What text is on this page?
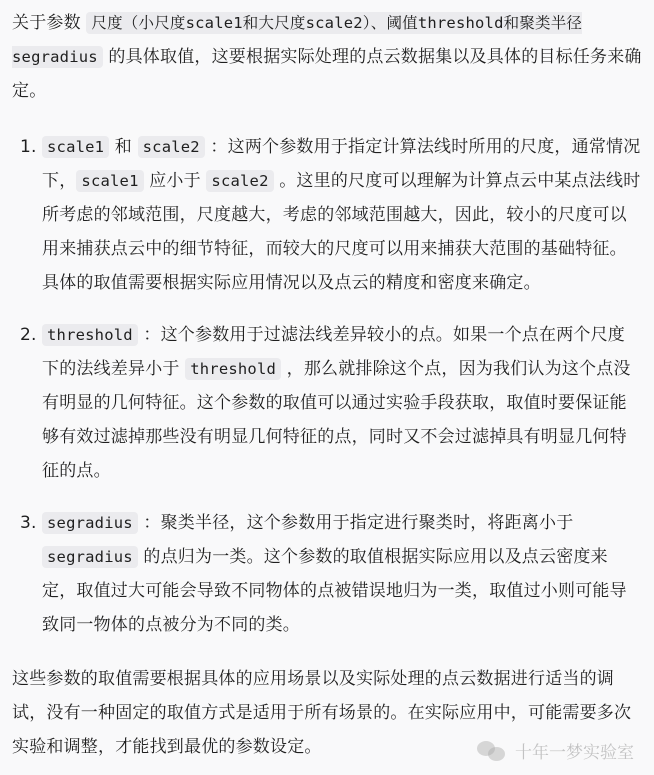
关于参数 尺度（小尺度scale1和大尺度scale2）、阈值threshold和聚类半径segradius 的具体取值，这要根据实际处理的点云数据集以及具体的目标任务来确定。

1. scale1 和 scale2 ：这两个参数用于指定计算法线时所用的尺度，通常情况下， scale1 应小于 scale2 。这里的尺度可以理解为计算点云中某点法线时所考虑的邻域范围，尺度越大，考虑的邻域范围越大，因此，较小的尺度可以用来捕获点云中的细节特征，而较大的尺度可以用来捕获大范围的基础特征。具体的取值需要根据实际应用情况以及点云的精度和密度来确定。

2. threshold ：这个参数用于过滤法线差异较小的点。如果一个点在两个尺度下的法线差异小于 threshold ，那么就排除这个点，因为我们认为这个点没有明显的几何特征。这个参数的取值可以通过实验手段获取，取值时要保证能够有效过滤掉那些没有明显几何特征的点，同时又不会过滤掉具有明显几何特征的点。

3. segradius ：聚类半径，这个参数用于指定进行聚类时，将距离小于 segradius 的点归为一类。这个参数的取值根据实际应用以及点云密度来定，取值过大可能会导致不同物体的点被错误地归为一类，取值过小则可能导致同一物体的点被分为不同的类。

这些参数的取值需要根据具体的应用场景以及实际处理的点云数据进行适当的调试，没有一种固定的取值方式是适用于所有场景的。在实际应用中，可能需要多次实验和调整，才能找到最优的参数设定。	十年一梦实验室
